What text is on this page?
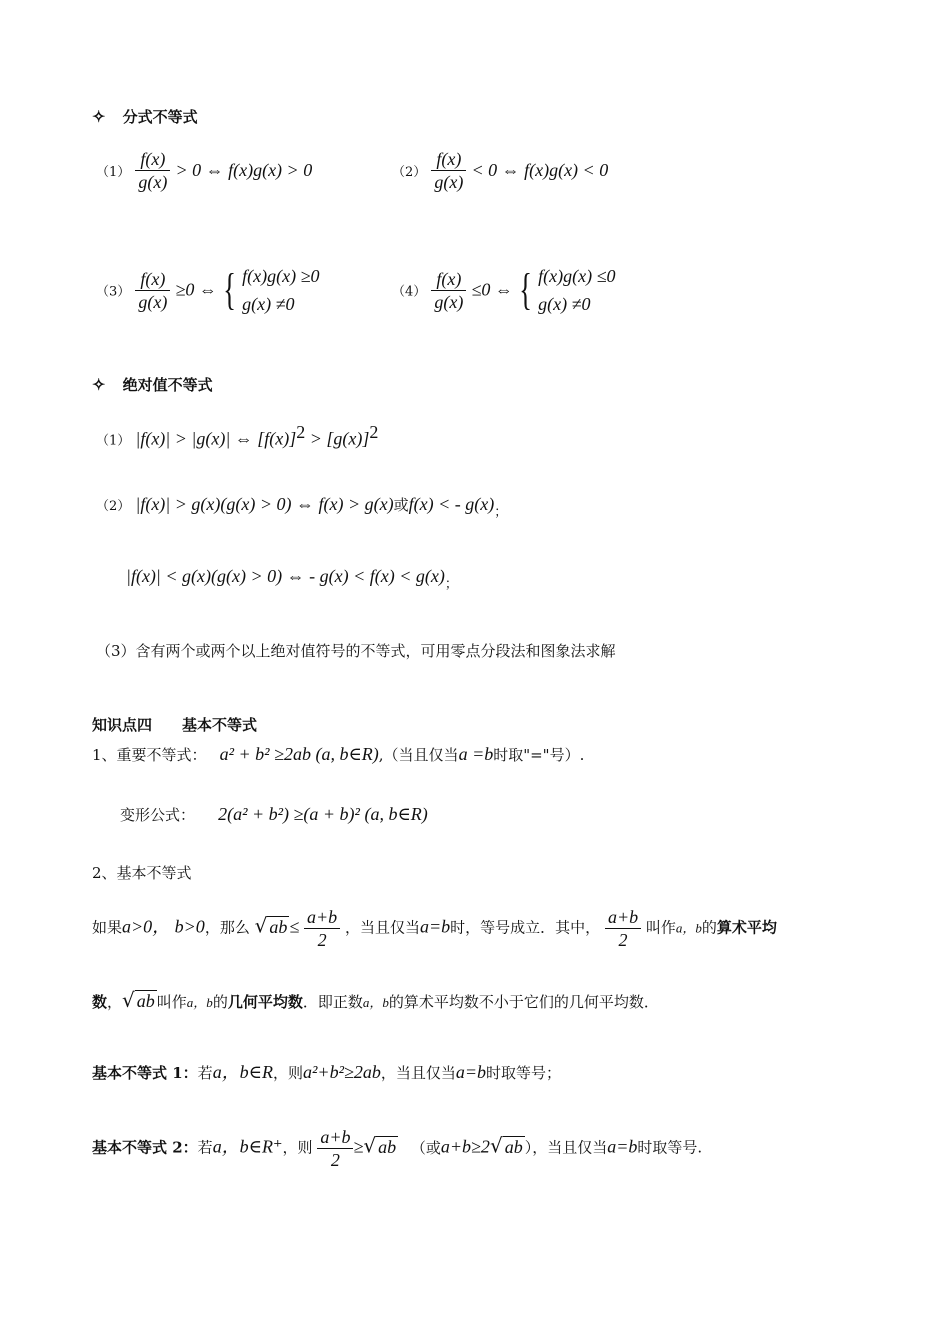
✧ 分式不等式
$(1) \frac{f(x)}{g(x)} > 0$ ⇔ f(x)g(x) > 0	$(2) \frac{f(x)}{g(x)} < 0$ ⇔ f(x)g(x) < 0
$(3) \frac{f(x)}{g(x)} \ge 0$ ⇔ { f(x)g(x) ≥0
g(x) ≠0
$(4) \frac{f(x)}{g(x)} \le 0$ ⇔ { f(x)g(x) ≤0
g(x) ≠0
✧ 绝对值不等式
（1） |f(x)| > |g(x)| ⇔ $[f(x)]^2 > [g(x)]^2$
（2） |f(x)| > g(x)(g(x) > 0) ⇔ f(x) > g(x)或f(x) < - $g(x)_;$
|f(x)| < g(x)(g(x) > 0) ⇔ - $g(x) < f(x) < g(x)_;$
（3）含有两个或两个以上绝对值符号的不等式，可用零点分段法和图象法求解
知识点四　　基本不等式
1、重要不等式： a² + b² ≥2ab (a, b∈R),（当且仅当a =b时取"="号）.
变形公式： 2(a² + b²) ≥(a + b)² (a, b∈R)
2、基本不等式
如果a>0， b>0，那么 √ ab ≤ $\frac{a+b}{2}$ ，当且仅当a=b时，等号成立．其中， $\frac{a+b}{2}$ 叫作a，b的算术平均
数，√ ab 叫作a，b的几何平均数．即正数a，b的算术平均数不小于它们的几何平均数．
基本不等式 1：若a，b∈R，则a²+b²≥2ab，当且仅当a=b时取等号；
基本不等式 2：若a，b∈R⁺，则 $\frac{a+b}{2}$ ≥√ ab （或a+b≥2√ ab ），当且仅当a=b时取等号.
